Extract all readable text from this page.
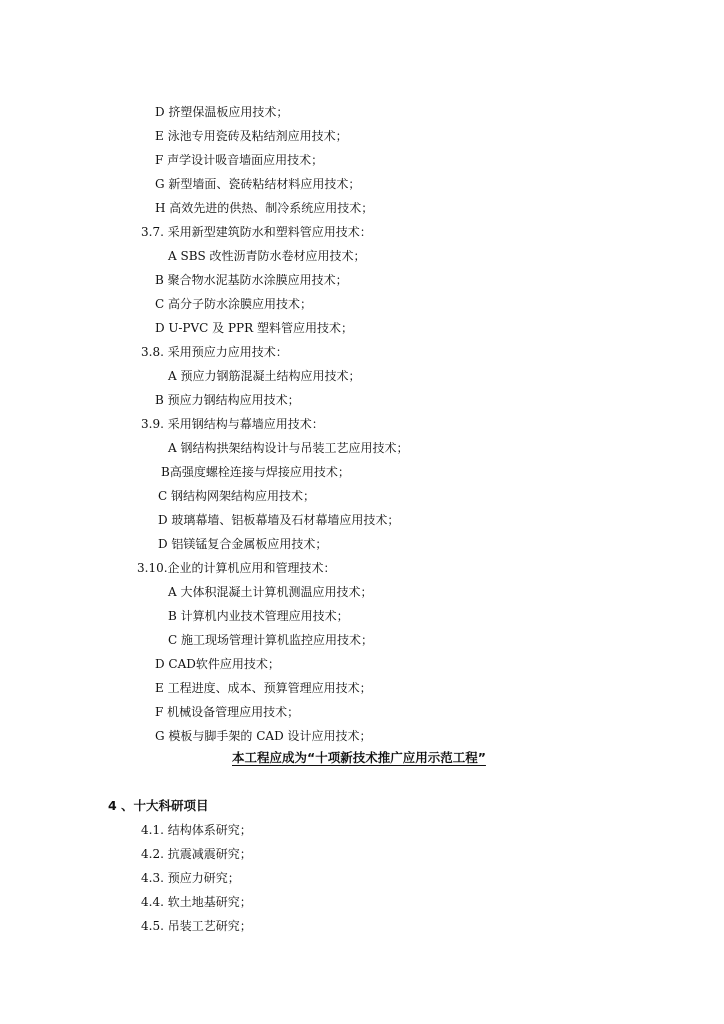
D 挤塑保温板应用技术；
E 泳池专用瓷砖及粘结剂应用技术；
F 声学设计吸音墙面应用技术；
G 新型墙面、瓷砖粘结材料应用技术；
H 高效先进的供热、制冷系统应用技术；
3.7. 采用新型建筑防水和塑料管应用技术：
A SBS 改性沥青防水卷材应用技术；
B 聚合物水泥基防水涂膜应用技术；
C 高分子防水涂膜应用技术；
D U-PVC 及 PPR 塑料管应用技术；
3.8. 采用预应力应用技术：
A 预应力钢筋混凝土结构应用技术；
B 预应力钢结构应用技术；
3.9. 采用钢结构与幕墙应用技术：
A 钢结构拱架结构设计与吊装工艺应用技术；
B高强度螺栓连接与焊接应用技术；
C 钢结构网架结构应用技术；
D 玻璃幕墙、铝板幕墙及石材幕墙应用技术；
D 铝镁锰复合金属板应用技术；
3.10.企业的计算机应用和管理技术：
A 大体积混凝土计算机测温应用技术；
B 计算机内业技术管理应用技术；
C 施工现场管理计算机监控应用技术；
D CAD软件应用技术；
E 工程进度、成本、预算管理应用技术；
F 机械设备管理应用技术；
G 模板与脚手架的 CAD 设计应用技术；
本工程应成为“十项新技术推广应用示范工程”
4 、十大科研项目
4.1. 结构体系研究；
4.2. 抗震减震研究；
4.3. 预应力研究；
4.4. 软土地基研究；
4.5. 吊装工艺研究；
